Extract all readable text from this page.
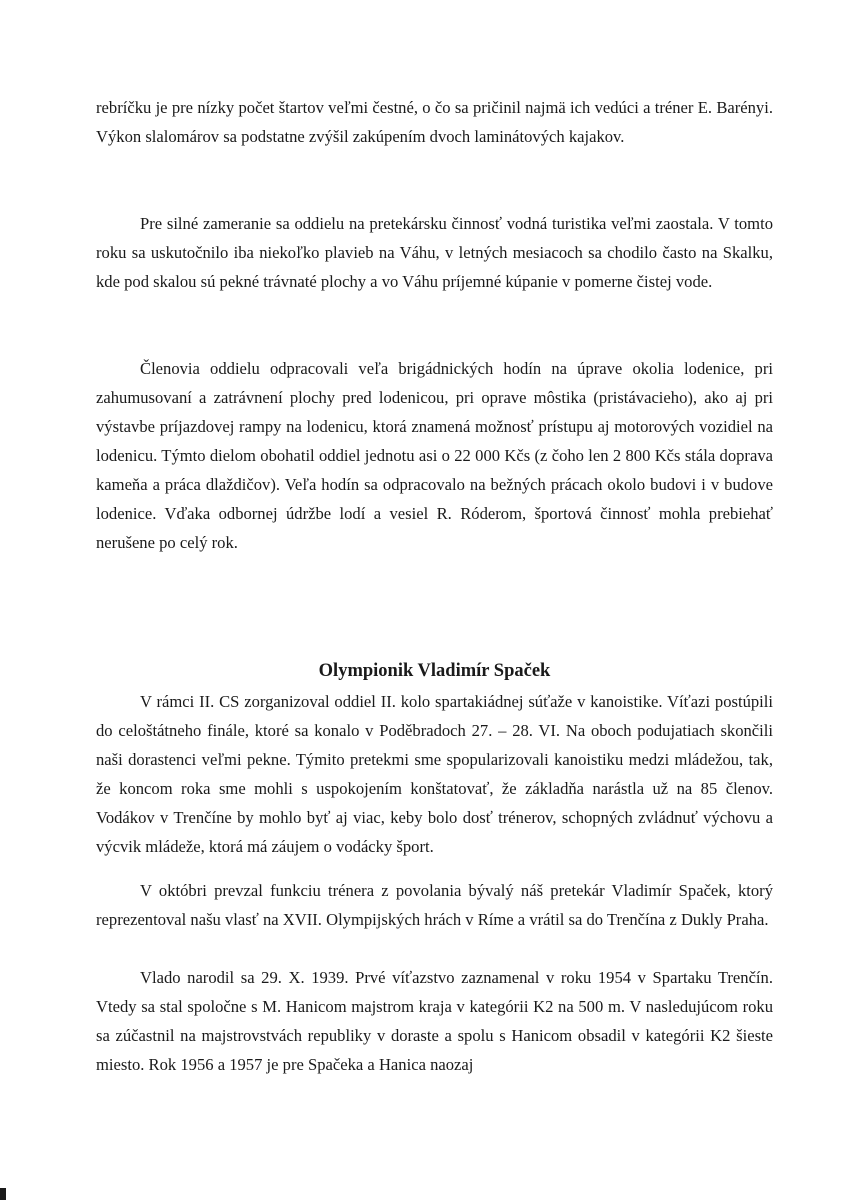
rebríčku je pre nízky počet štartov veľmi čestné, o čo sa pričinil najmä ich vedúci a tréner E. Barényi. Výkon slalomárov sa podstatne zvýšil zakúpením dvoch laminátových kajakov.

Pre silné zameranie sa oddielu na pretekársku činnosť vodná turistika veľmi zaostala. V tomto roku sa uskutočnilo iba niekoľko plavieb na Váhu, v letných mesiacoch sa chodilo často na Skalku, kde pod skalou sú pekné trávnaté plochy a vo Váhu príjemné kúpanie v pomerne čistej vode.

Členovia oddielu odpracovali veľa brigádnických hodín na úprave okolia lodenice, pri zahumusovaní a zatrávnení plochy pred lodenicou, pri oprave môstika (pristávacieho), ako aj pri výstavbe príjazdovej rampy na lodenicu, ktorá znamená možnosť prístupu aj motorových vozidiel na lodenicu. Týmto dielom obohatil oddiel jednotu asi o 22 000 Kčs (z čoho len 2 800 Kčs stála doprava kameňa a práca dlaždičov). Veľa hodín sa odpracovalo na bežných prácach okolo budovi i v budove lodenice. Vďaka odbornej údržbe lodí a vesiel R. Róderom, športová činnosť mohla prebiehať nerušene po celý rok.

Olympionik Vladimír Spaček

V rámci II. CS zorganizoval oddiel II. kolo spartakiádnej súťaže v kanoistike. Víťazi postúpili do celoštátneho finále, ktoré sa konalo v Poděbradoch 27. – 28. VI. Na oboch podujatiach skončili naši dorastenci veľmi pekne. Týmito pretekmi sme spopularizovali kanoistiku medzi mládežou, tak, že koncom roka sme mohli s uspokojením konštatovať, že základňa narástla už na 85 členov. Vodákov v Trenčíne by mohlo byť aj viac, keby bolo dosť trénerov, schopných zvládnuť výchovu a výcvik mládeže, ktorá má záujem o vodácky šport.

V októbri prevzal funkciu trénera z povolania bývalý náš pretekár Vladimír Spaček, ktorý reprezentoval našu vlasť na XVII. Olympijských hrách v Ríme a vrátil sa do Trenčína z Dukly Praha.

Vlado narodil sa 29. X. 1939. Prvé víťazstvo zaznamenal v roku 1954 v Spartaku Trenčín. Vtedy sa stal spoločne s M. Hanicom majstrom kraja v kategórii K2 na 500 m. V nasledujúcom roku sa zúčastnil na majstrovstvách republiky v doraste a spolu s Hanicom obsadil v kategórii K2 šieste miesto. Rok 1956 a 1957 je pre Spačeka a Hanica naozaj
